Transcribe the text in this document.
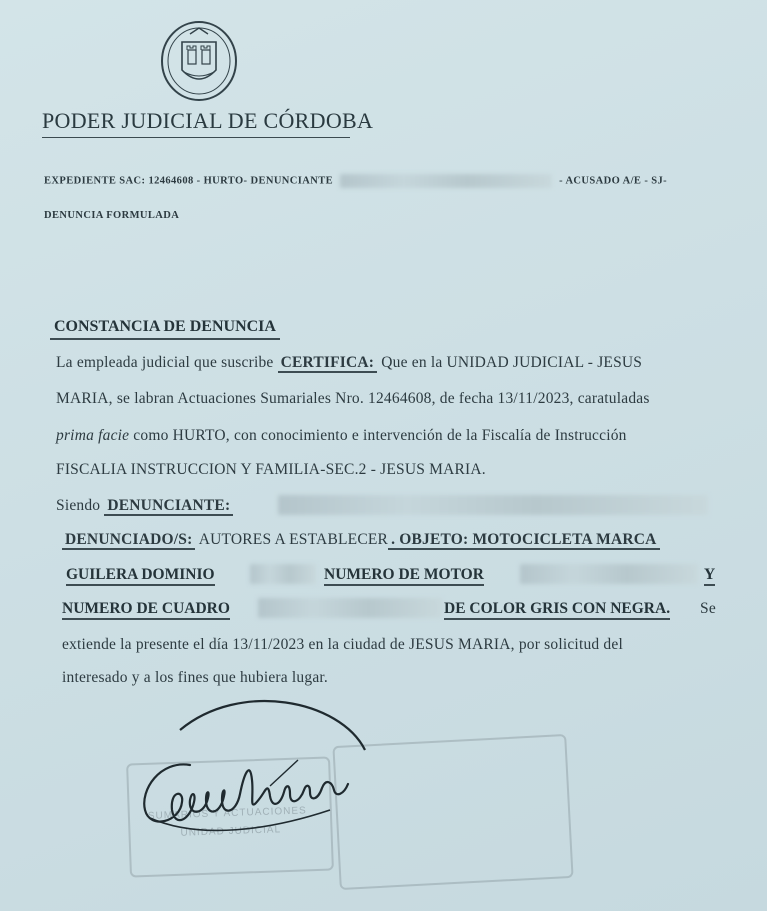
PODER JUDICIAL DE CÓRDOBA
EXPEDIENTE SAC: 12464608 - HURTO- DENUNCIANTE	- ACUSADO A/E - SJ-
DENUNCIA FORMULADA
CONSTANCIA DE DENUNCIA
La empleada judicial que suscribe CERTIFICA: Que en la UNIDAD JUDICIAL - JESUS
MARIA, se labran Actuaciones Sumariales Nro. 12464608, de fecha 13/11/2023, caratuladas
prima facie como HURTO, con conocimiento e intervención de la Fiscalía de Instrucción
FISCALIA INSTRUCCION Y FAMILIA-SEC.2 - JESUS MARIA.
Siendo DENUNCIANTE:
DENUNCIADO/S: AUTORES A ESTABLECER . OBJETO: MOTOCICLETA MARCA
GUILERA DOMINIO	NUMERO DE MOTOR	Y
NUMERO DE CUADRO	DE COLOR GRIS CON NEGRA. Se
extiende la presente el día 13/11/2023 en la ciudad de JESUS MARIA, por solicitud del
interesado y a los fines que hubiera lugar.
SUMARIOS Y ACTUACIONES
UNIDAD JUDICIAL
